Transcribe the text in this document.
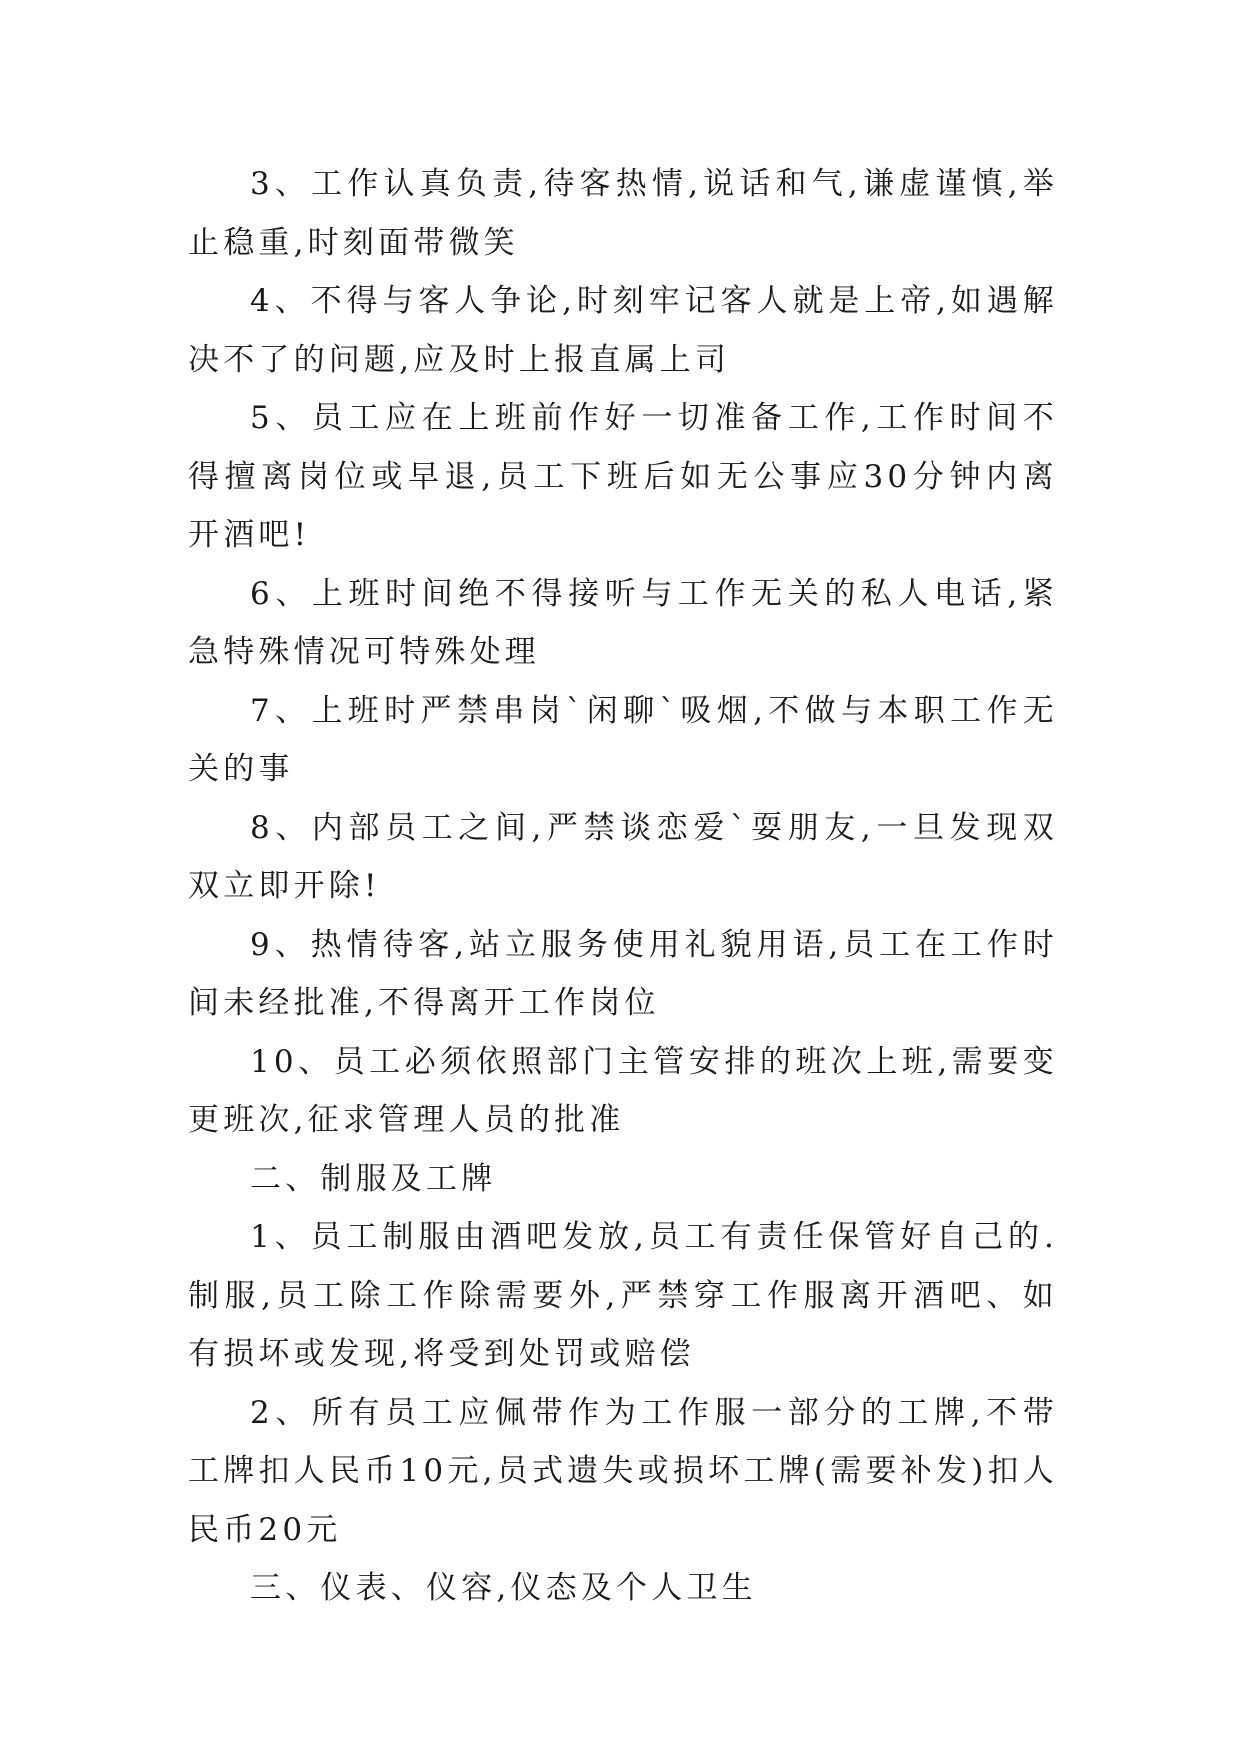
3、工作认真负责,待客热情,说话和气,谦虚谨慎,举止稳重,时刻面带微笑

4、不得与客人争论,时刻牢记客人就是上帝,如遇解决不了的问题,应及时上报直属上司

5、员工应在上班前作好一切准备工作,工作时间不得擅离岗位或早退,员工下班后如无公事应30分钟内离开酒吧!

6、上班时间绝不得接听与工作无关的私人电话,紧急特殊情况可特殊处理

7、上班时严禁串岗`闲聊`吸烟,不做与本职工作无关的事

8、内部员工之间,严禁谈恋爱`耍朋友,一旦发现双双立即开除!

9、热情待客,站立服务使用礼貌用语,员工在工作时间未经批准,不得离开工作岗位

10、员工必须依照部门主管安排的班次上班,需要变更班次,征求管理人员的批准

二、制服及工牌

1、员工制服由酒吧发放,员工有责任保管好自己的.制服,员工除工作除需要外,严禁穿工作服离开酒吧、如有损坏或发现,将受到处罚或赔偿

2、所有员工应佩带作为工作服一部分的工牌,不带工牌扣人民币10元,员式遗失或损坏工牌(需要补发)扣人民币20元

三、仪表、仪容,仪态及个人卫生
